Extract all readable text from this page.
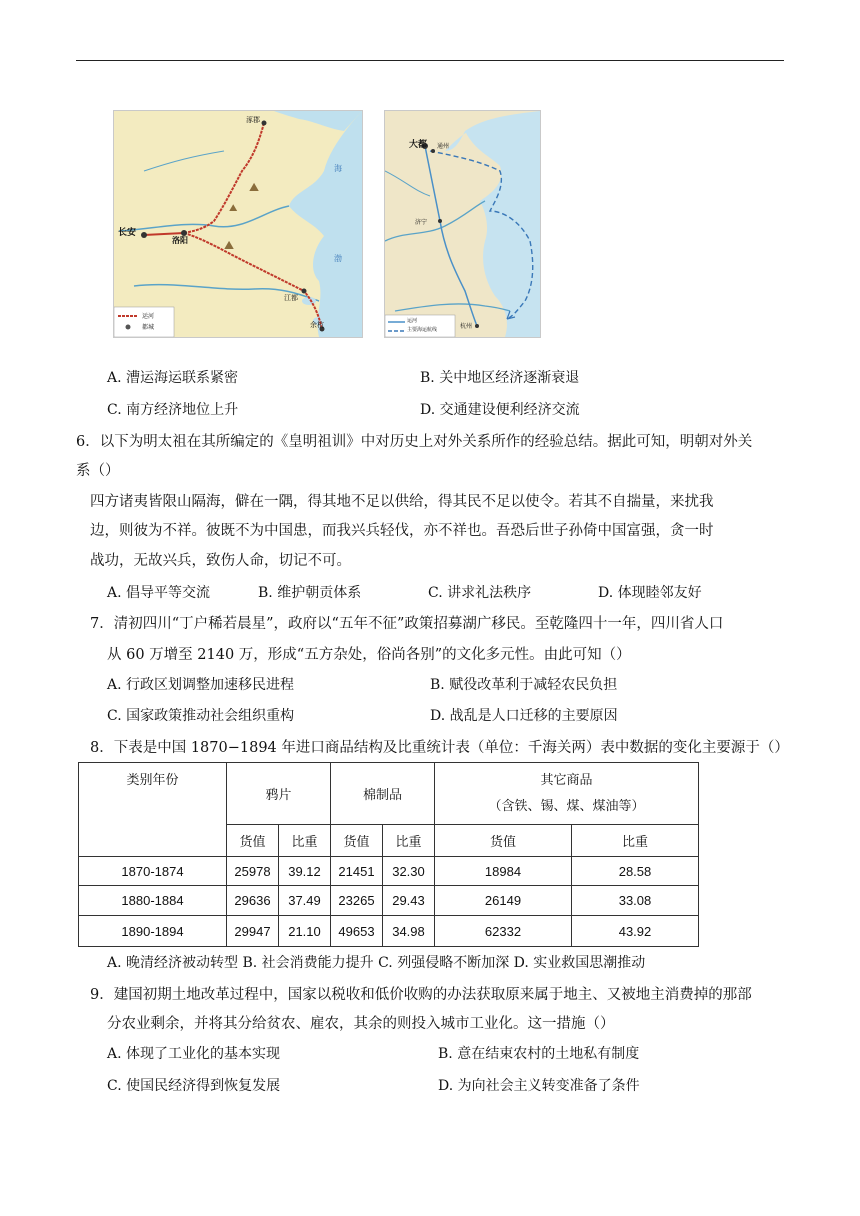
⛰
⛰
⛰
渤
海
长安
洛阳
涿郡
江都
余杭
运河
都城
大都 通州
济宁
杭州
运河
主要海运航线
A. 漕运海运联系紧密	B. 关中地区经济逐渐衰退
C. 南方经济地位上升	D. 交通建设便利经济交流
6．以下为明太祖在其所编定的《皇明祖训》中对历史上对外关系所作的经验总结。据此可知，明朝对外关
系（）
四方诸夷皆限山隔海，僻在一隅，得其地不足以供给，得其民不足以使令。若其不自揣量，来扰我
边，则彼为不祥。彼既不为中国患，而我兴兵轻伐，亦不祥也。吾恐后世子孙倚中国富强，贪一时
战功，无故兴兵，致伤人命，切记不可。
A. 倡导平等交流	B. 维护朝贡体系	C. 讲求礼法秩序	D. 体现睦邻友好
7．清初四川“丁户稀若晨星”，政府以“五年不征”政策招募湖广移民。至乾隆四十一年，四川省人口
从 60 万增至 2140 万，形成“五方杂处，俗尚各别”的文化多元性。由此可知（）
A. 行政区划调整加速移民进程	B. 赋役改革利于减轻农民负担
C. 国家政策推动社会组织重构	D. 战乱是人口迁移的主要原因
8．下表是中国 1870−1894 年进口商品结构及比重统计表（单位：千海关两）表中数据的变化主要源于（）
类别年份	鸦片		棉制品		其它商品
（含铁、锡、煤、煤油等）	

	货值	比重	货值	比重	货值	比重
1870-1874	25978	39.12	21451	32.30	18984	28.58
1880-1884	29636	37.49	23265	29.43	26149	33.08
1890-1894	29947	21.10	49653	34.98	62332	43.92
A. 晚清经济被动转型 B. 社会消费能力提升 C. 列强侵略不断加深 D. 实业救国思潮推动
9．建国初期土地改革过程中，国家以税收和低价收购的办法获取原来属于地主、又被地主消费掉的那部
分农业剩余，并将其分给贫农、雇农，其余的则投入城市工业化。这一措施（）
A. 体现了工业化的基本实现	B. 意在结束农村的土地私有制度
C. 使国民经济得到恢复发展	D. 为向社会主义转变准备了条件
